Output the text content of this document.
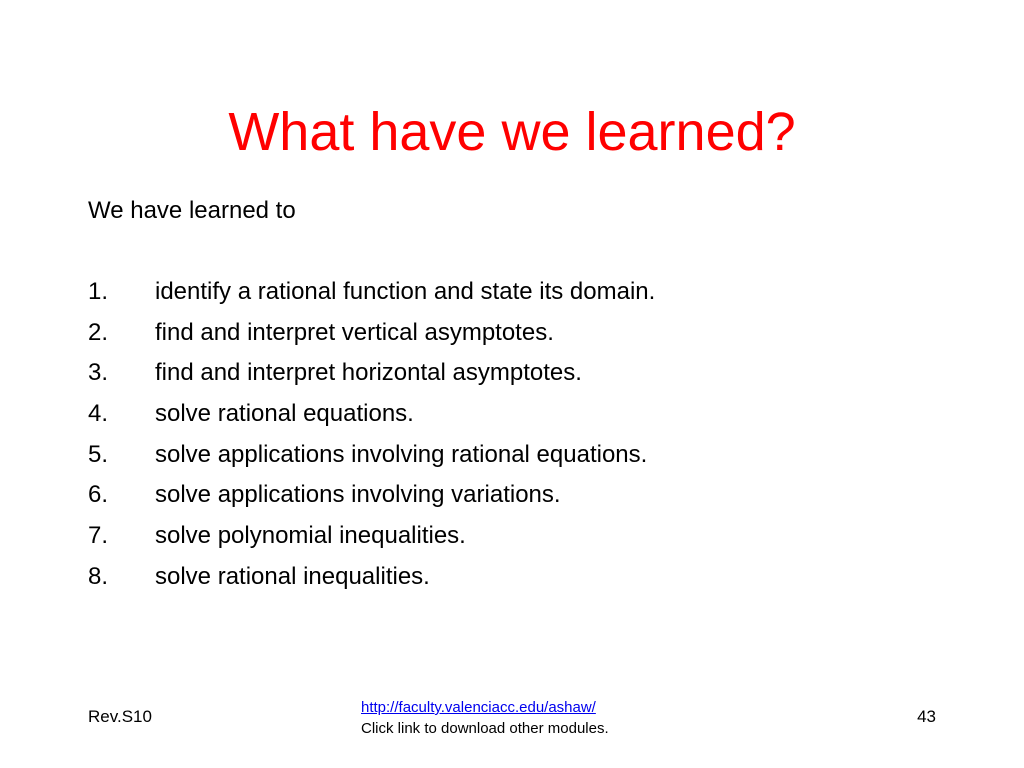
What have we learned?

We have learned to

1.	identify a rational function and state its domain.
2.	find and interpret vertical asymptotes.
3.	find and interpret horizontal asymptotes.
4.	solve rational equations.
5.	solve applications involving rational equations.
6.	solve applications involving variations.
7.	solve polynomial inequalities.
8.	solve rational inequalities.
Rev.S10	http://faculty.valenciacc.edu/ashaw/
Click link to download other modules.
43
